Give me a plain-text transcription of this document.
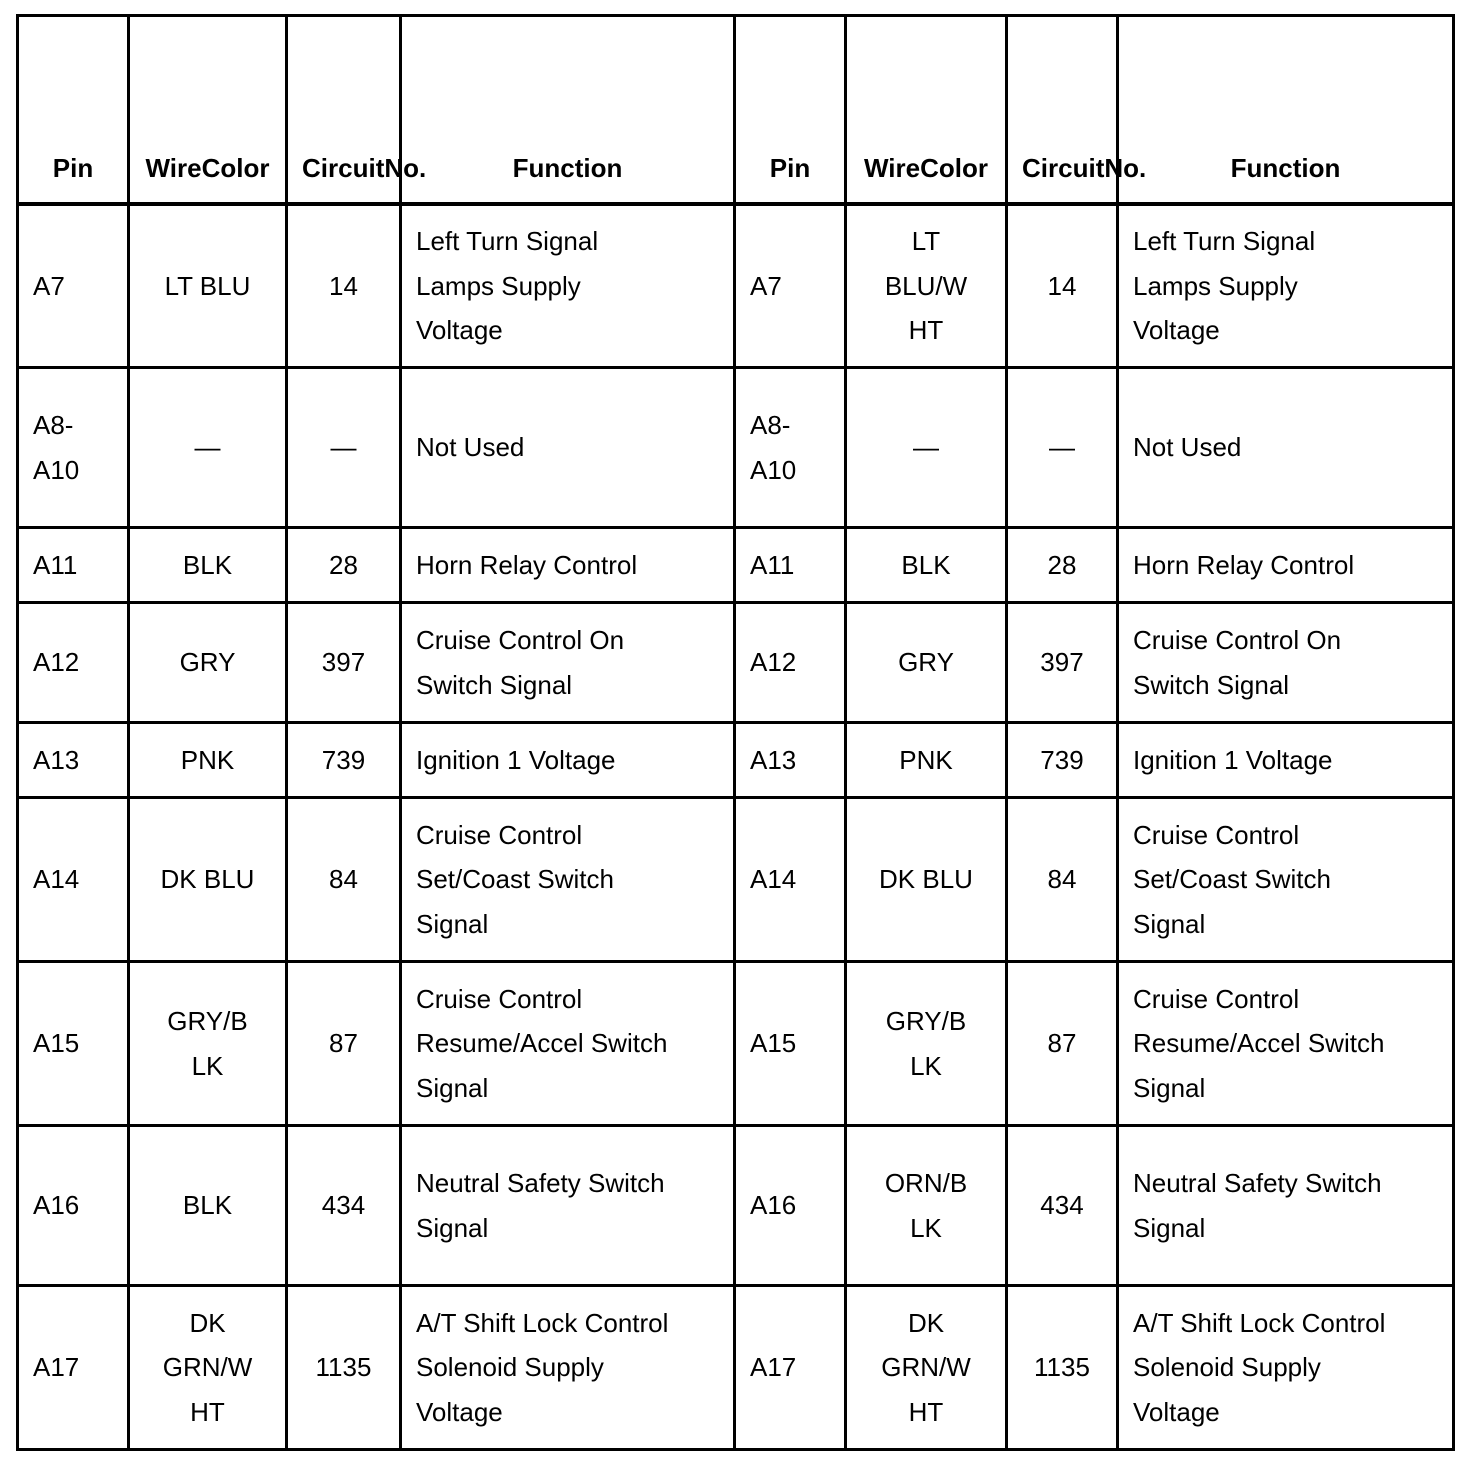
Pin	WireColor	CircuitNo.	Function	Pin	WireColor	CircuitNo.	Function

A7	LT BLU	14	Left Turn Signal
Lamps Supply
Voltage	A7	LT
BLU/W
HT	14	Left Turn Signal
Lamps Supply
Voltage

A8-
A10	—	—	Not Used	A8-
A10	—	—	Not Used

A11	BLK	28	Horn Relay Control	A11	BLK	28	Horn Relay Control

A12	GRY	397	Cruise Control On
Switch Signal	A12	GRY	397	Cruise Control On
Switch Signal

A13	PNK	739	Ignition 1 Voltage	A13	PNK	739	Ignition 1 Voltage

A14	DK BLU	84	Cruise Control
Set/Coast Switch
Signal	A14	DK BLU	84	Cruise Control
Set/Coast Switch
Signal

A15	GRY/B
LK	87	Cruise Control
Resume/Accel Switch
Signal	A15	GRY/B
LK	87	Cruise Control
Resume/Accel Switch
Signal

A16	BLK	434	Neutral Safety Switch
Signal	A16	ORN/B
LK	434	Neutral Safety Switch
Signal

A17	DK
GRN/W
HT	1135	A/T Shift Lock Control
Solenoid Supply
Voltage	A17	DK
GRN/W
HT	1135	A/T Shift Lock Control
Solenoid Supply
Voltage
